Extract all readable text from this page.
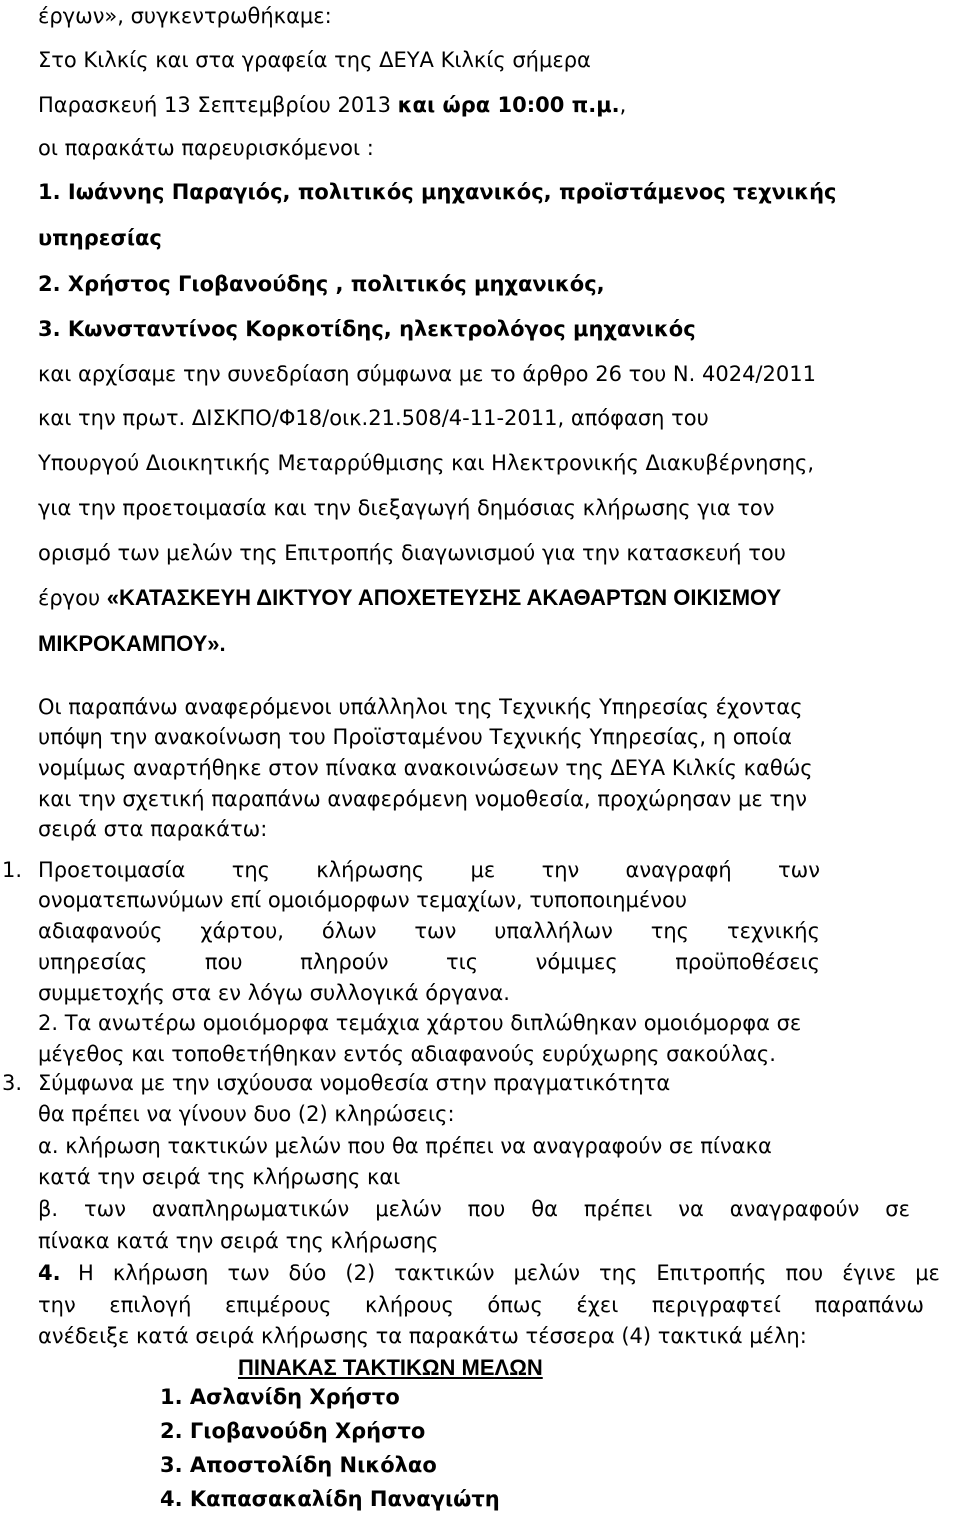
έργων», συγκεντρωθήκαμε:
Στο Κιλκίς και στα γραφεία της ΔΕΥΑ Κιλκίς σήμερα
Παρασκευή 13 Σεπτεμβρίου 2013 και ώρα 10:00 π.μ.,
οι παρακάτω παρευρισκόμενοι :
1. Ιωάννης Παραγιός, πολιτικός μηχανικός, προϊστάμενος τεχνικής
υπηρεσίας
2. Χρήστος Γιοβανούδης , πολιτικός μηχανικός,
3. Κωνσταντίνος Κορκοτίδης, ηλεκτρολόγος μηχανικός
και αρχίσαμε την συνεδρίαση σύμφωνα με το άρθρο 26 του Ν. 4024/2011
και την πρωτ. ΔΙΣΚΠΟ/Φ18/οικ.21.508/4-11-2011, απόφαση του
Υπουργού Διοικητικής Μεταρρύθμισης και Ηλεκτρονικής Διακυβέρνησης,
για την προετοιμασία και την διεξαγωγή δημόσιας κλήρωσης για τον
ορισμό των μελών της Επιτροπής διαγωνισμού για την κατασκευή του
έργου «ΚΑΤΑΣΚΕΥΗ ΔΙΚΤΥΟΥ ΑΠΟΧΕΤΕΥΣΗΣ ΑΚΑΘΑΡΤΩΝ ΟΙΚΙΣΜΟΥ
ΜΙΚΡΟΚΑΜΠΟΥ».
Οι παραπάνω αναφερόμενοι υπάλληλοι της Τεχνικής Υπηρεσίας έχοντας
υπόψη την ανακοίνωση του Προϊσταμένου Τεχνικής Υπηρεσίας, η οποία
νομίμως αναρτήθηκε στον πίνακα ανακοινώσεων της ΔΕΥΑ Κιλκίς καθώς
και την σχετική παραπάνω αναφερόμενη νομοθεσία, προχώρησαν με την
σειρά στα παρακάτω:
1. Προετοιμασία της κλήρωσης με την αναγραφή των
ονοματεπωνύμων επί ομοιόμορφων τεμαχίων, τυποποιημένου
αδιαφανούς χάρτου, όλων των υπαλλήλων της τεχνικής
υπηρεσίας	που	πληρούν	τις	νόμιμες	προϋποθέσεις
συμμετοχής στα εν λόγω συλλογικά όργανα.
2. Τα ανωτέρω ομοιόμορφα τεμάχια χάρτου διπλώθηκαν ομοιόμορφα σε
μέγεθος και τοποθετήθηκαν εντός αδιαφανούς ευρύχωρης σακούλας.
3. Σύμφωνα με την ισχύουσα νομοθεσία στην πραγματικότητα
θα πρέπει να γίνουν δυο (2) κληρώσεις:
α. κλήρωση τακτικών μελών που θα πρέπει να αναγραφούν σε πίνακα
κατά την σειρά της κλήρωσης και
β. των αναπληρωματικών μελών που θα πρέπει να αναγραφούν σε
πίνακα κατά την σειρά της κλήρωσης
4. Η κλήρωση των δύο (2) τακτικών μελών της Επιτροπής που έγινε με
την επιλογή επιμέρους κλήρους όπως έχει περιγραφτεί παραπάνω
ανέδειξε κατά σειρά κλήρωσης τα παρακάτω τέσσερα (4) τακτικά μέλη:
ΠΙΝΑΚΑΣ ΤΑΚΤΙΚΩΝ ΜΕΛΩΝ
1. Ασλανίδη Χρήστο
2. Γιοβανούδη Χρήστο
3. Αποστολίδη Νικόλαο
4. Καπασακαλίδη Παναγιώτη
